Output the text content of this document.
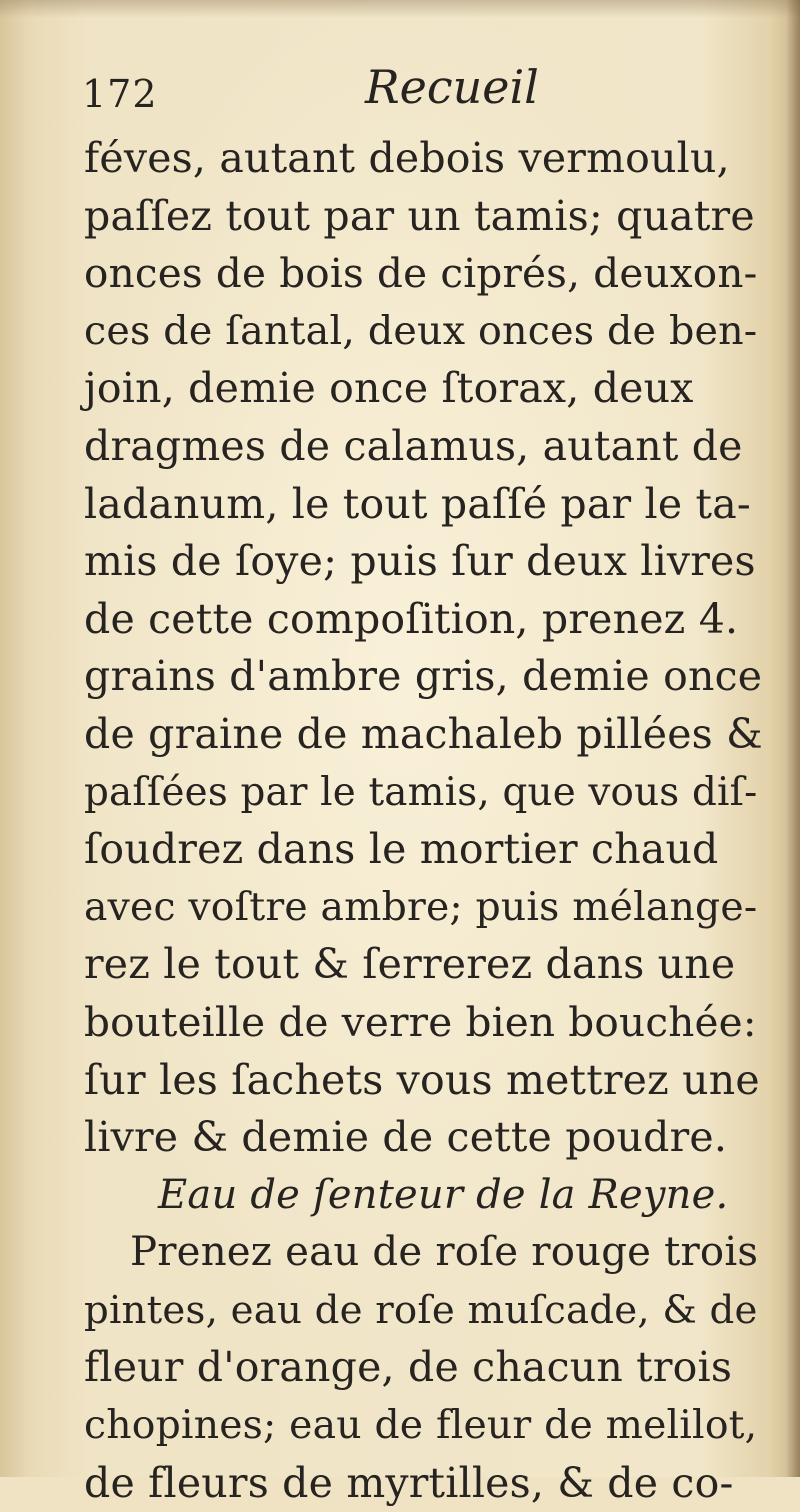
172	Recueil
féves, autant debois vermoulu,
paſſez tout par un tamis; quatre
onces de bois de ciprés, deuxon-
ces de ſantal, deux onces de ben-
join, demie once ſtorax, deux
dragmes de calamus, autant de
ladanum, le tout paſſé par le ta-
mis de ſoye; puis ſur deux livres
de cette compoſition, prenez 4.
grains d'ambre gris, demie once
de graine de machaleb pillées &
paſſées par le tamis, que vous diſ-
ſoudrez dans le mortier chaud
avec voſtre ambre; puis mélange-
rez le tout & ſerrerez dans une
bouteille de verre bien bouchée:
ſur les ſachets vous mettrez une
livre & demie de cette poudre.
Eau de ſenteur de la Reyne.
Prenez eau de roſe rouge trois
pintes, eau de roſe muſcade, & de
fleur d'orange, de chacun trois
chopines; eau de fleur de melilot,
de fleurs de myrtilles, & de co-
